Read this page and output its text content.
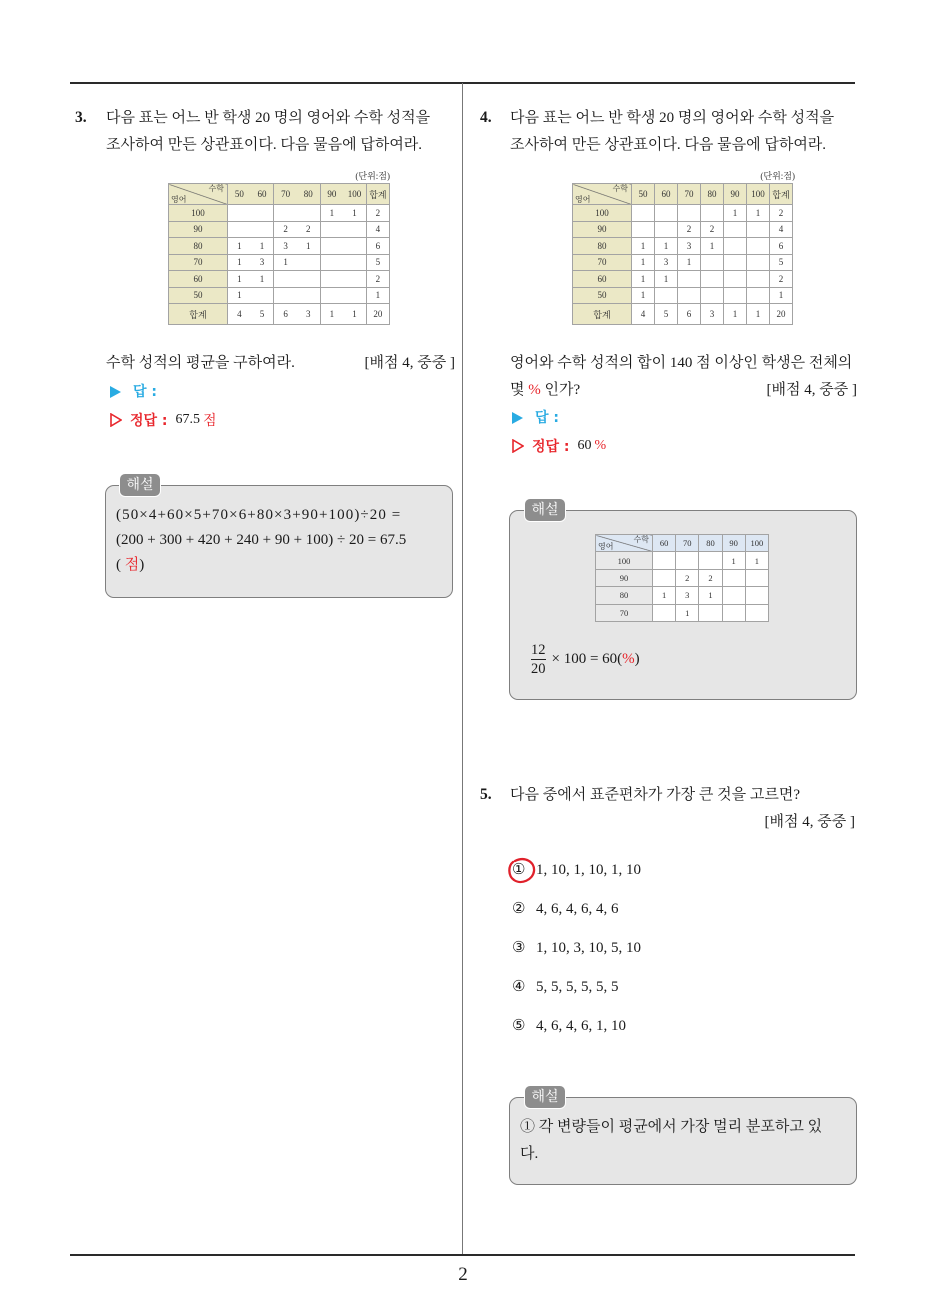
3. 다음 표는 어느 반 학생 20 명의 영어와 수학 성적을
조사하여 만든 상관표이다. 다음 물음에 답하여라.
(단위:점)
수학
영어	50	60	70	80	90	100	합계
100					1	1	2
90			2	2			4
80	1	1	3	1			6
70	1	3	1				5
60	1	1					2
50	1						1
합계	4	5	6	3	1	1	20
수학 성적의 평균을 구하여라.	[배점 4, 중중 ]
답 :
정답 : 67.5 점
(50×4+60×5+70×6+80×3+90+100)÷20 =
(200 + 300 + 420 + 240 + 90 + 100) ÷ 20 = 67.5
( 점)
해설
4. 다음 표는 어느 반 학생 20 명의 영어와 수학 성적을
조사하여 만든 상관표이다. 다음 물음에 답하여라.
(단위:점)
수학
영어	50	60	70	80	90	100	합계
100					1	1	2
90			2	2			4
80	1	1	3	1			6
70	1	3	1				5
60	1	1					2
50	1						1
합계	4	5	6	3	1	1	20
영어와 수학 성적의 합이 140 점 이상인 학생은 전체의
몇 % 인가?	[배점 4, 중중 ]
답 :
정답 : 60 %
수학
영어	60	70	80	90	100
100				1	1
90		2	2		
80	1	3	1		
70		1			
$\frac{12}{20} \times 100 = 60$( % )
해설
5. 다음 중에서 표준편차가 가장 큰 것을 고르면?
[배점 4, 중중 ]
① 1, 10, 1, 10, 1, 10
② 4, 6, 4, 6, 4, 6
③ 1, 10, 3, 10, 5, 10
④ 5, 5, 5, 5, 5, 5
⑤ 4, 6, 4, 6, 1, 10
① 각 변량들이 평균에서 가장 멀리 분포하고 있
다.
해설
2
